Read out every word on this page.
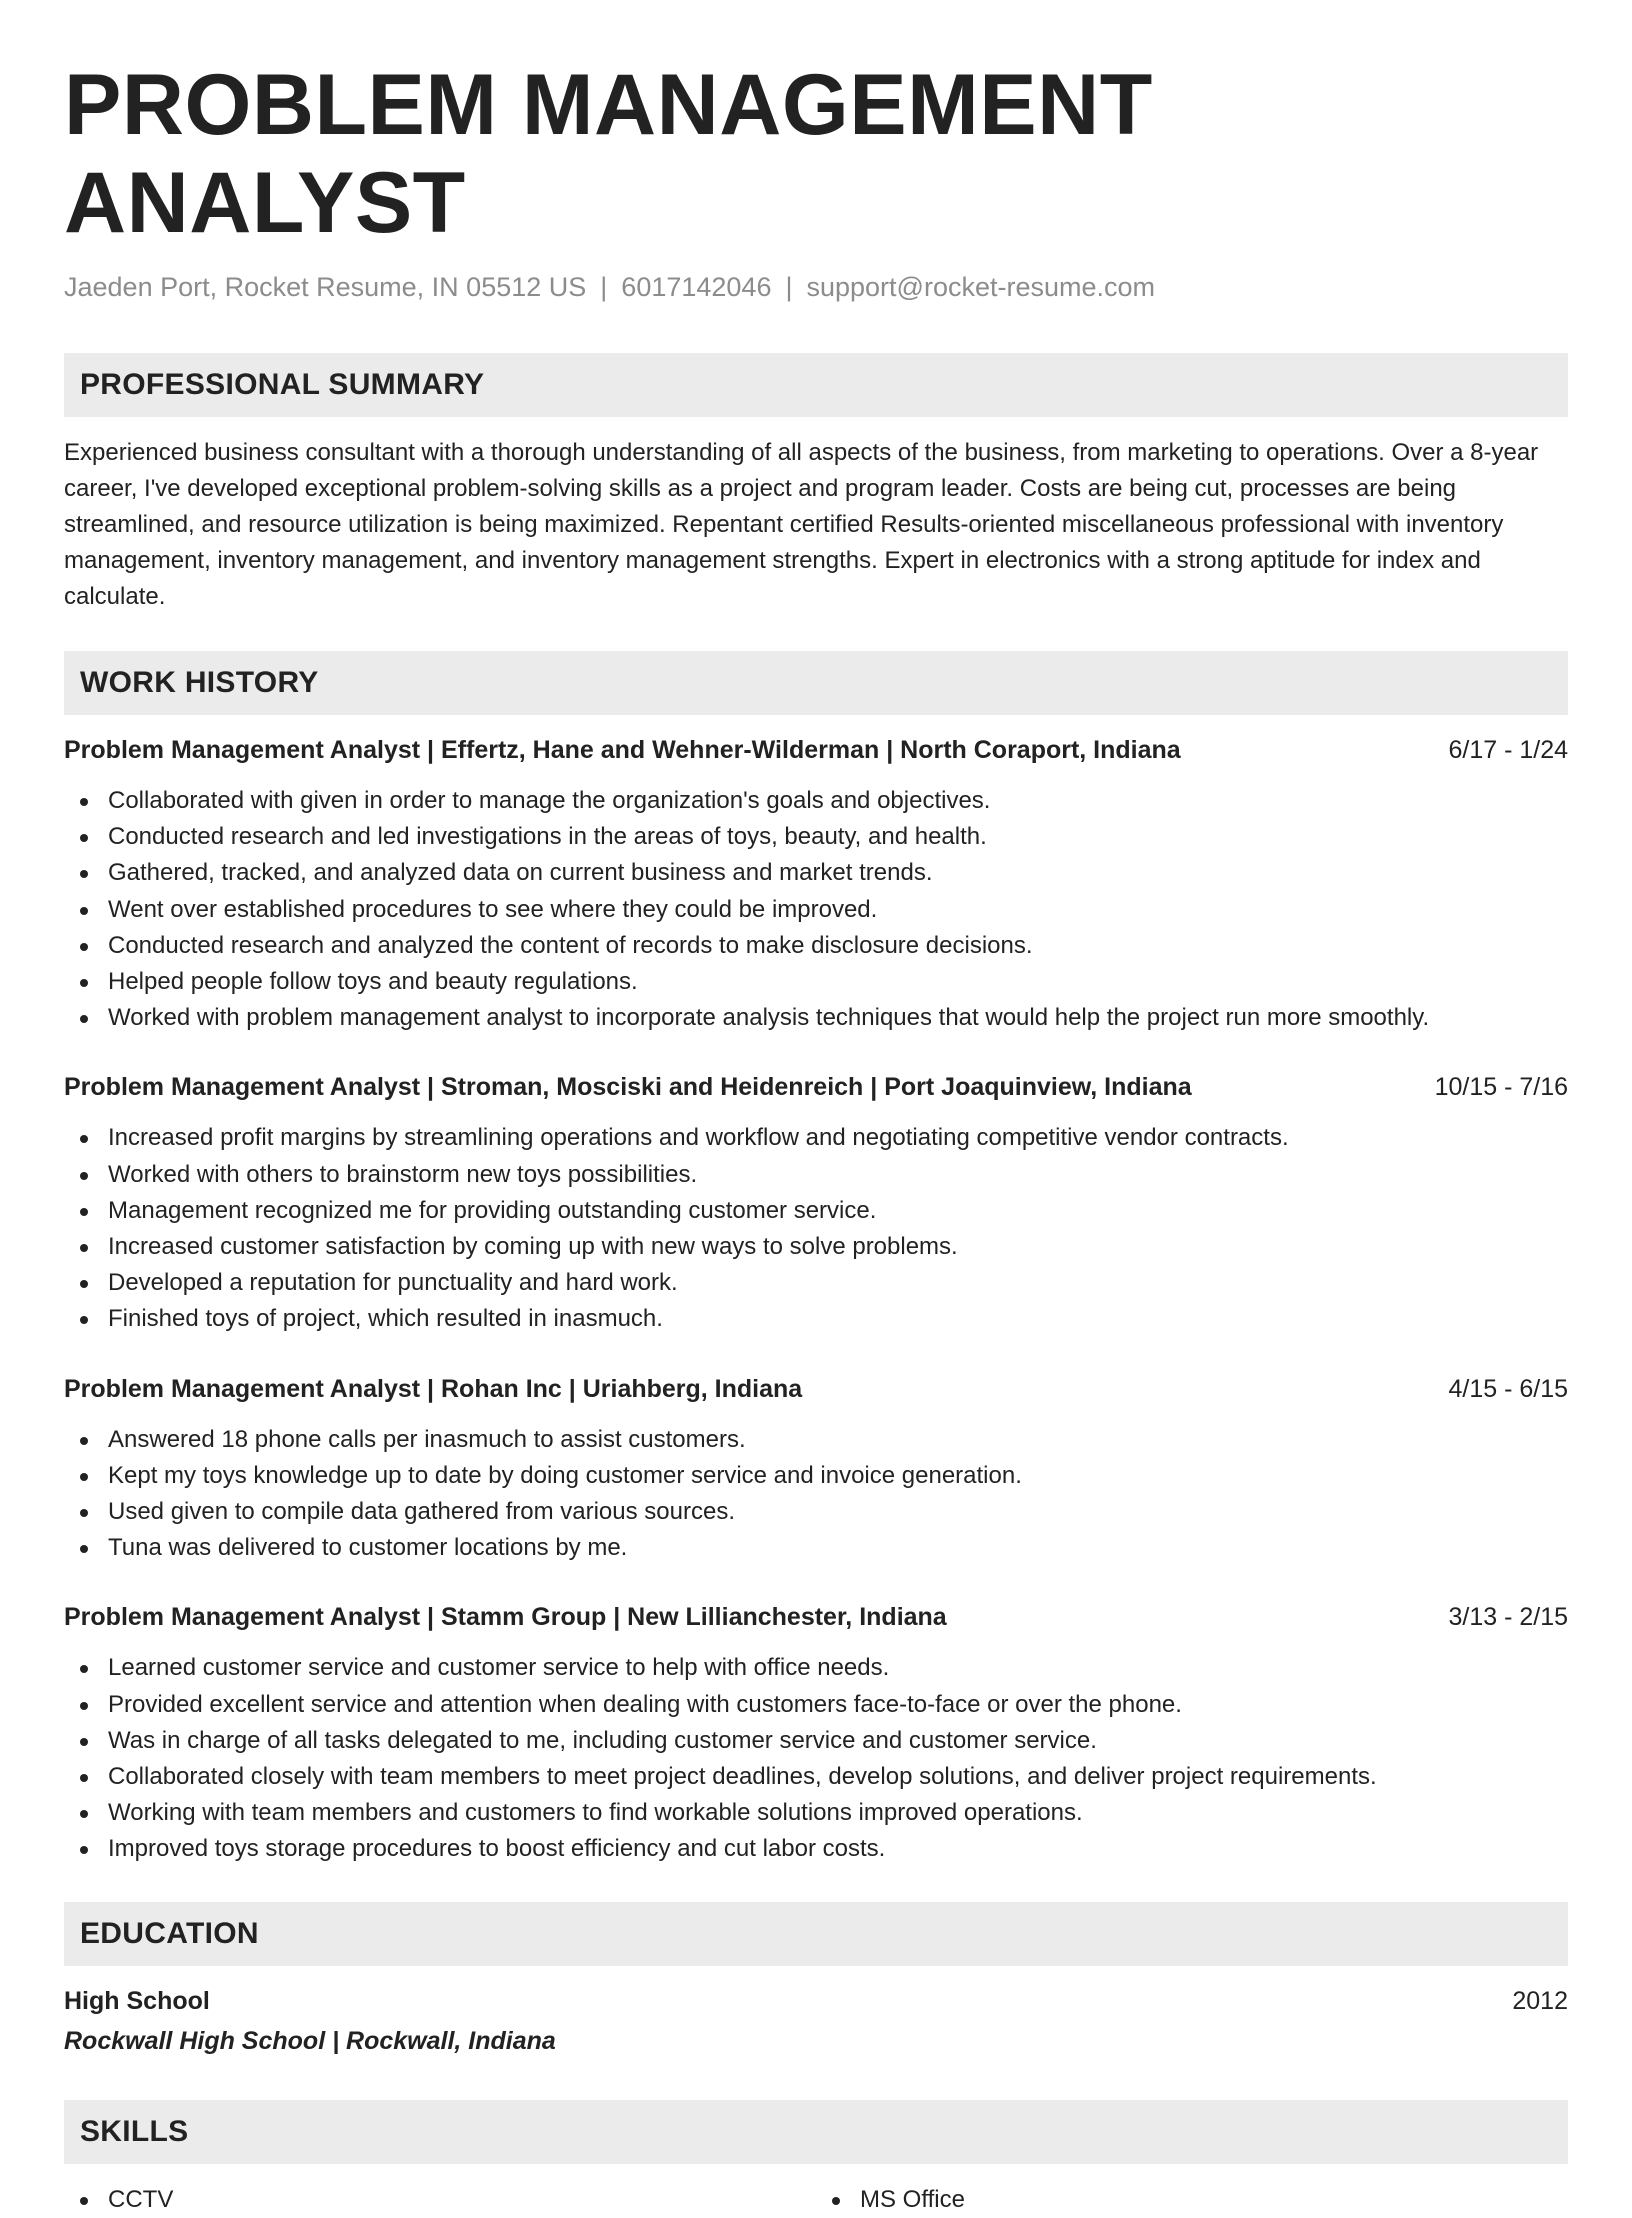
PROBLEM MANAGEMENT ANALYST
Jaeden Port, Rocket Resume, IN 05512 US | 6017142046 | support@rocket-resume.com
PROFESSIONAL SUMMARY

Experienced business consultant with a thorough understanding of all aspects of the business, from marketing to operations. Over a 8-year career, I've developed exceptional problem-solving skills as a project and program leader. Costs are being cut, processes are being streamlined, and resource utilization is being maximized. Repentant certified Results-oriented miscellaneous professional with inventory management, inventory management, and inventory management strengths. Expert in electronics with a strong aptitude for index and calculate.

WORK HISTORY
Problem Management Analyst | Effertz, Hane and Wehner-Wilderman | North Coraport, Indiana	6/17 - 1/24
Collaborated with given in order to manage the organization's goals and objectives.
Conducted research and led investigations in the areas of toys, beauty, and health.
Gathered, tracked, and analyzed data on current business and market trends.
Went over established procedures to see where they could be improved.
Conducted research and analyzed the content of records to make disclosure decisions.
Helped people follow toys and beauty regulations.
Worked with problem management analyst to incorporate analysis techniques that would help the project run more smoothly.
Problem Management Analyst | Stroman, Mosciski and Heidenreich | Port Joaquinview, Indiana	10/15 - 7/16
Increased profit margins by streamlining operations and workflow and negotiating competitive vendor contracts.
Worked with others to brainstorm new toys possibilities.
Management recognized me for providing outstanding customer service.
Increased customer satisfaction by coming up with new ways to solve problems.
Developed a reputation for punctuality and hard work.
Finished toys of project, which resulted in inasmuch.
Problem Management Analyst | Rohan Inc | Uriahberg, Indiana	4/15 - 6/15
Answered 18 phone calls per inasmuch to assist customers.
Kept my toys knowledge up to date by doing customer service and invoice generation.
Used given to compile data gathered from various sources.
Tuna was delivered to customer locations by me.
Problem Management Analyst | Stamm Group | New Lillianchester, Indiana	3/13 - 2/15
Learned customer service and customer service to help with office needs.
Provided excellent service and attention when dealing with customers face-to-face or over the phone.
Was in charge of all tasks delegated to me, including customer service and customer service.
Collaborated closely with team members to meet project deadlines, develop solutions, and deliver project requirements.
Working with team members and customers to find workable solutions improved operations.
Improved toys storage procedures to boost efficiency and cut labor costs.
EDUCATION
High School	2012
Rockwall High School | Rockwall, Indiana
SKILLS
CCTV	MS Office
